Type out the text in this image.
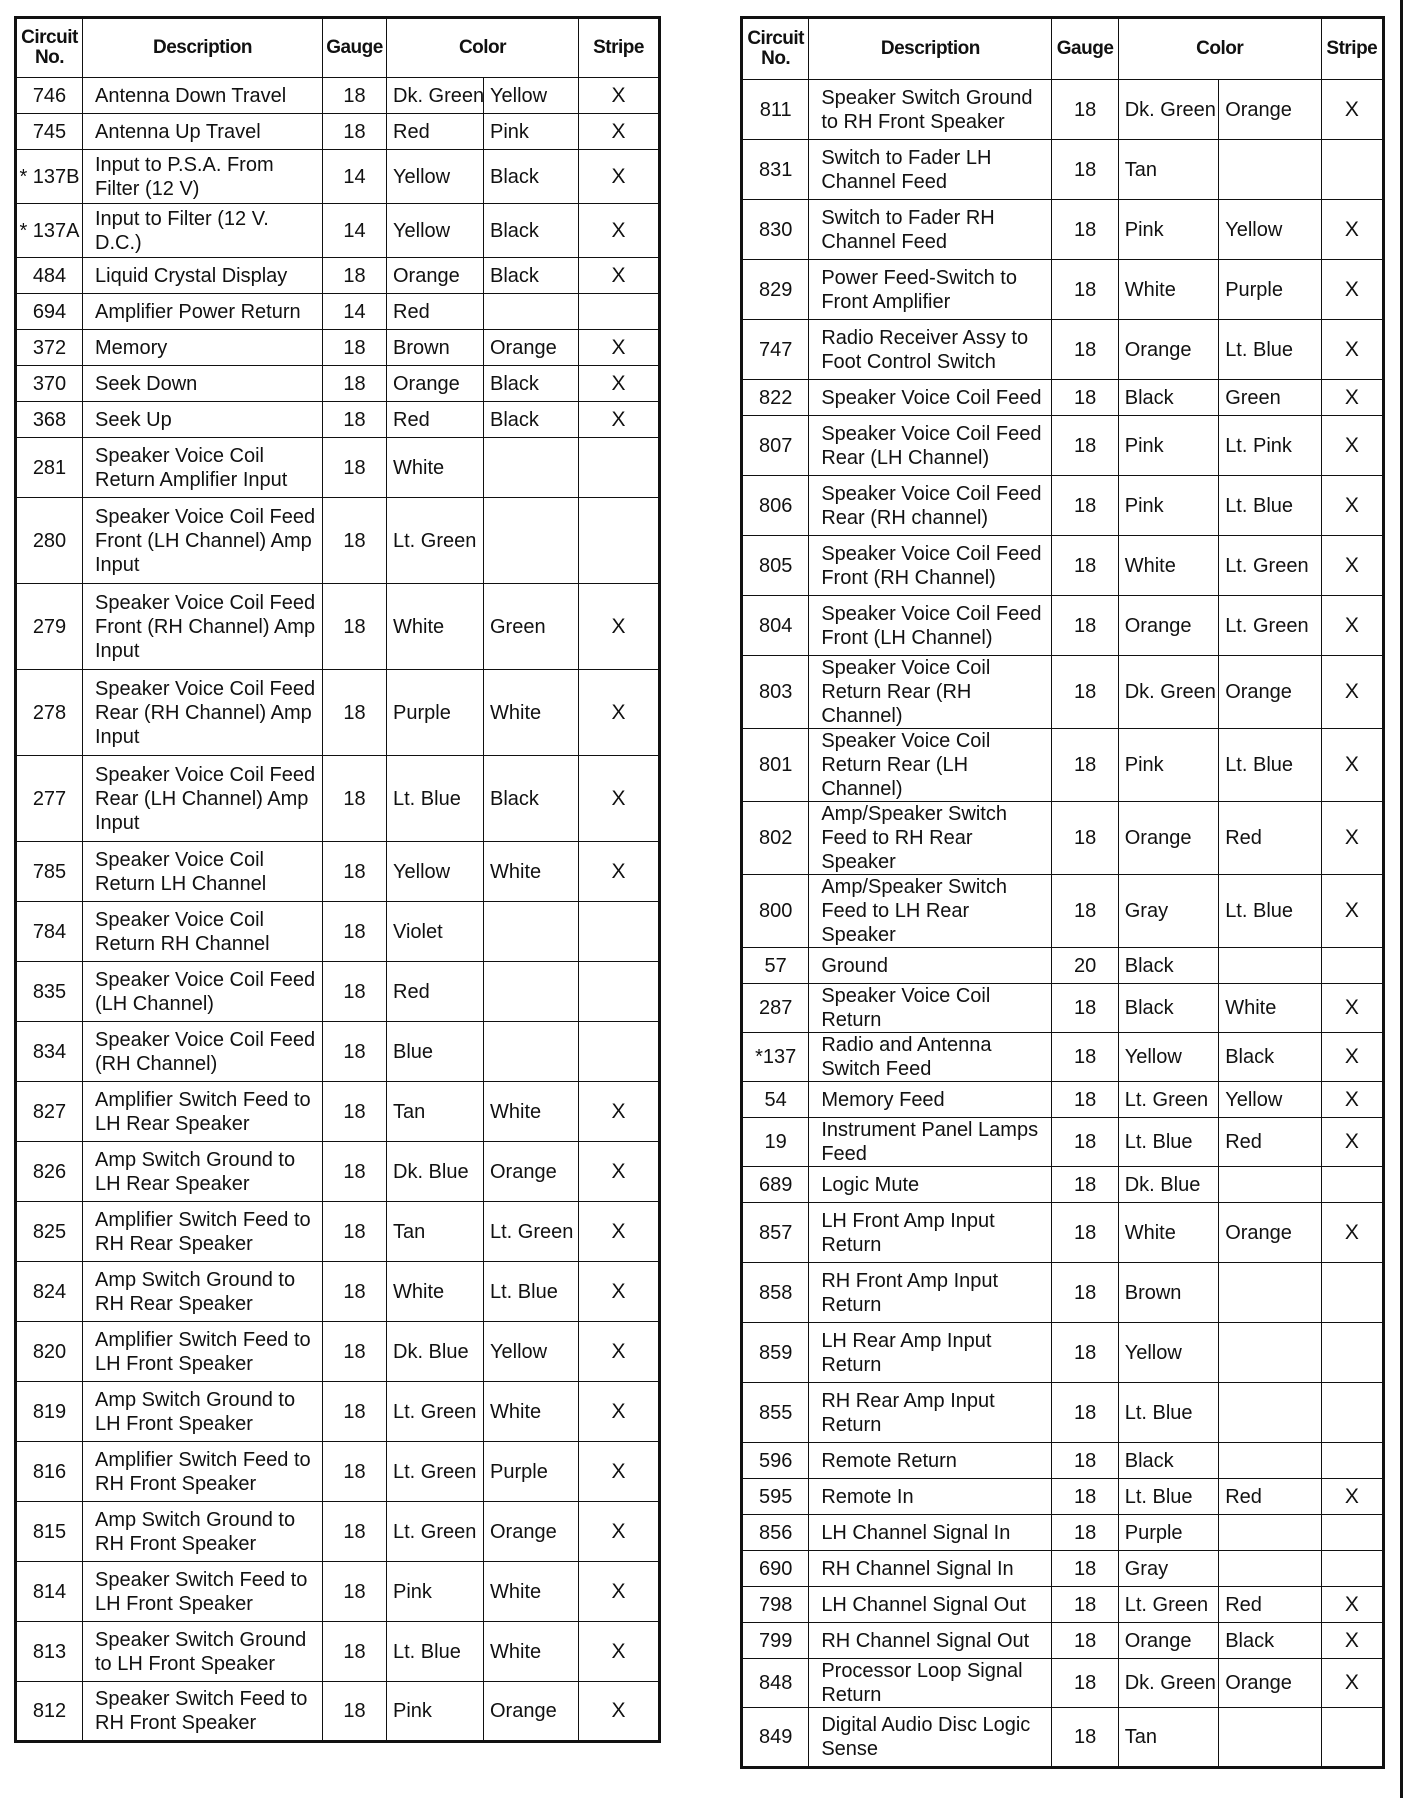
Circuit No.	Description	Gauge	Color		Stripe
746	Antenna Down Travel	18	Dk. Green	Yellow	X
745	Antenna Up Travel	18	Red	Pink	X
* 137B	Input to P.S.A. From Filter (12 V)	14	Yellow	Black	X
* 137A	Input to Filter (12 V. D.C.)	14	Yellow	Black	X
484	Liquid Crystal Display	18	Orange	Black	X
694	Amplifier Power Return	14	Red		
372	Memory	18	Brown	Orange	X
370	Seek Down	18	Orange	Black	X
368	Seek Up	18	Red	Black	X
281	Speaker Voice Coil Return Amplifier Input	18	White		
280	Speaker Voice Coil Feed Front (LH Channel) Amp Input	18	Lt. Green		
279	Speaker Voice Coil Feed Front (RH Channel) Amp Input	18	White	Green	X
278	Speaker Voice Coil Feed Rear (RH Channel) Amp Input	18	Purple	White	X
277	Speaker Voice Coil Feed Rear (LH Channel) Amp Input	18	Lt. Blue	Black	X
785	Speaker Voice Coil Return LH Channel	18	Yellow	White	X
784	Speaker Voice Coil Return RH Channel	18	Violet		
835	Speaker Voice Coil Feed (LH Channel)	18	Red		
834	Speaker Voice Coil Feed (RH Channel)	18	Blue		
827	Amplifier Switch Feed to LH Rear Speaker	18	Tan	White	X
826	Amp Switch Ground to LH Rear Speaker	18	Dk. Blue	Orange	X
825	Amplifier Switch Feed to RH Rear Speaker	18	Tan	Lt. Green	X
824	Amp Switch Ground to RH Rear Speaker	18	White	Lt. Blue	X
820	Amplifier Switch Feed to LH Front Speaker	18	Dk. Blue	Yellow	X
819	Amp Switch Ground to LH Front Speaker	18	Lt. Green	White	X
816	Amplifier Switch Feed to RH Front Speaker	18	Lt. Green	Purple	X
815	Amp Switch Ground to RH Front Speaker	18	Lt. Green	Orange	X
814	Speaker Switch Feed to LH Front Speaker	18	Pink	White	X
813	Speaker Switch Ground to LH Front Speaker	18	Lt. Blue	White	X
812	Speaker Switch Feed to RH Front Speaker	18	Pink	Orange	X
Circuit No.	Description	Gauge	Color		Stripe
811	Speaker Switch Ground to RH Front Speaker	18	Dk. Green	Orange	X
831	Switch to Fader LH Channel Feed	18	Tan		
830	Switch to Fader RH Channel Feed	18	Pink	Yellow	X
829	Power Feed-Switch to Front Amplifier	18	White	Purple	X
747	Radio Receiver Assy to Foot Control Switch	18	Orange	Lt. Blue	X
822	Speaker Voice Coil Feed	18	Black	Green	X
807	Speaker Voice Coil Feed Rear (LH Channel)	18	Pink	Lt. Pink	X
806	Speaker Voice Coil Feed Rear (RH channel)	18	Pink	Lt. Blue	X
805	Speaker Voice Coil Feed Front (RH Channel)	18	White	Lt. Green	X
804	Speaker Voice Coil Feed Front (LH Channel)	18	Orange	Lt. Green	X
803	Speaker Voice Coil Return Rear (RH Channel)	18	Dk. Green	Orange	X
801	Speaker Voice Coil Return Rear (LH Channel)	18	Pink	Lt. Blue	X
802	Amp/Speaker Switch Feed to RH Rear Speaker	18	Orange	Red	X
800	Amp/Speaker Switch Feed to LH Rear Speaker	18	Gray	Lt. Blue	X
57	Ground	20	Black		
287	Speaker Voice Coil Return	18	Black	White	X
*137	Radio and Antenna Switch Feed	18	Yellow	Black	X
54	Memory Feed	18	Lt. Green	Yellow	X
19	Instrument Panel Lamps Feed	18	Lt. Blue	Red	X
689	Logic Mute	18	Dk. Blue		
857	LH Front Amp Input Return	18	White	Orange	X
858	RH Front Amp Input Return	18	Brown		
859	LH Rear Amp Input Return	18	Yellow		
855	RH Rear Amp Input Return	18	Lt. Blue		
596	Remote Return	18	Black		
595	Remote In	18	Lt. Blue	Red	X
856	LH Channel Signal In	18	Purple		
690	RH Channel Signal In	18	Gray		
798	LH Channel Signal Out	18	Lt. Green	Red	X
799	RH Channel Signal Out	18	Orange	Black	X
848	Processor Loop Signal Return	18	Dk. Green	Orange	X
849	Digital Audio Disc Logic Sense	18	Tan		
